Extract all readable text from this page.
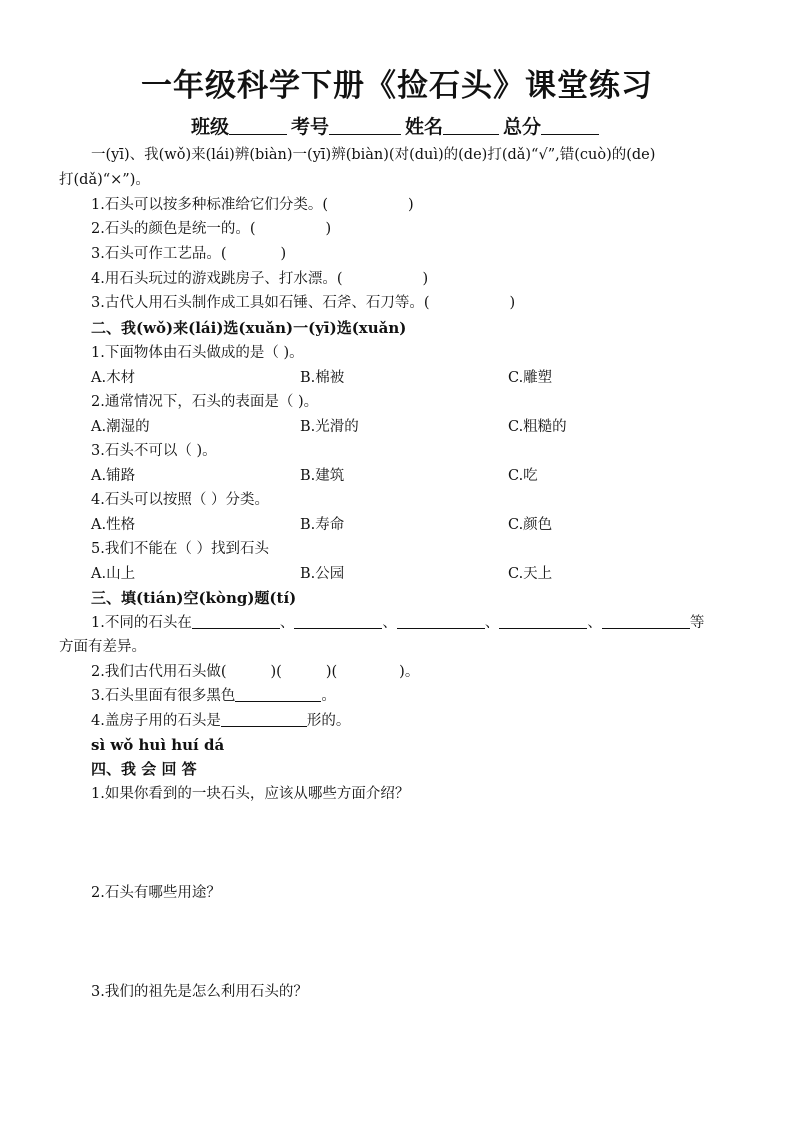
一年级科学下册《捡石头》课堂练习
班级	考号	姓名	总分
一(yī)、我(wǒ)来(lái)辨(biàn)一(yī)辨(biàn)(对(duì)的(de)打(dǎ)“√”,错(cuò)的(de)
打(dǎ)“×”)。
1.石头可以按多种标准给它们分类。(	)
2.石头的颜色是统一的。(	)
3.石头可作工艺品。(	)
4.用石头玩过的游戏跳房子、打水漂。(	)
3.古代人用石头制作成工具如石锤、石斧、石刀等。(	)
二、我(wǒ)来(lái)选(xuǎn)一(yī)选(xuǎn)
1.下面物体由石头做成的是（ )。
A.木材	B.棉被	C.雕塑
2.通常情况下，石头的表面是（ )。
A.潮湿的	B.光滑的	C.粗糙的
3.石头不可以（ )。
A.铺路	B.建筑	C.吃
4.石头可以按照（ ）分类。
A.性格	B.寿命	C.颜色
5.我们不能在（ ）找到石头
A.山上	B.公园	C.天上
三、填(tián)空(kòng)题(tí)
1.不同的石头在	、	、	、	、	等
方面有差异。
2.我们古代用石头做(	)(	)(	)。
3.石头里面有很多黑色	。
4.盖房子用的石头是	形的。
sì wǒ huì huí dá
四、我 会 回 答
1.如果你看到的一块石头，应该从哪些方面介绍？
2.石头有哪些用途？
3.我们的祖先是怎么利用石头的？
